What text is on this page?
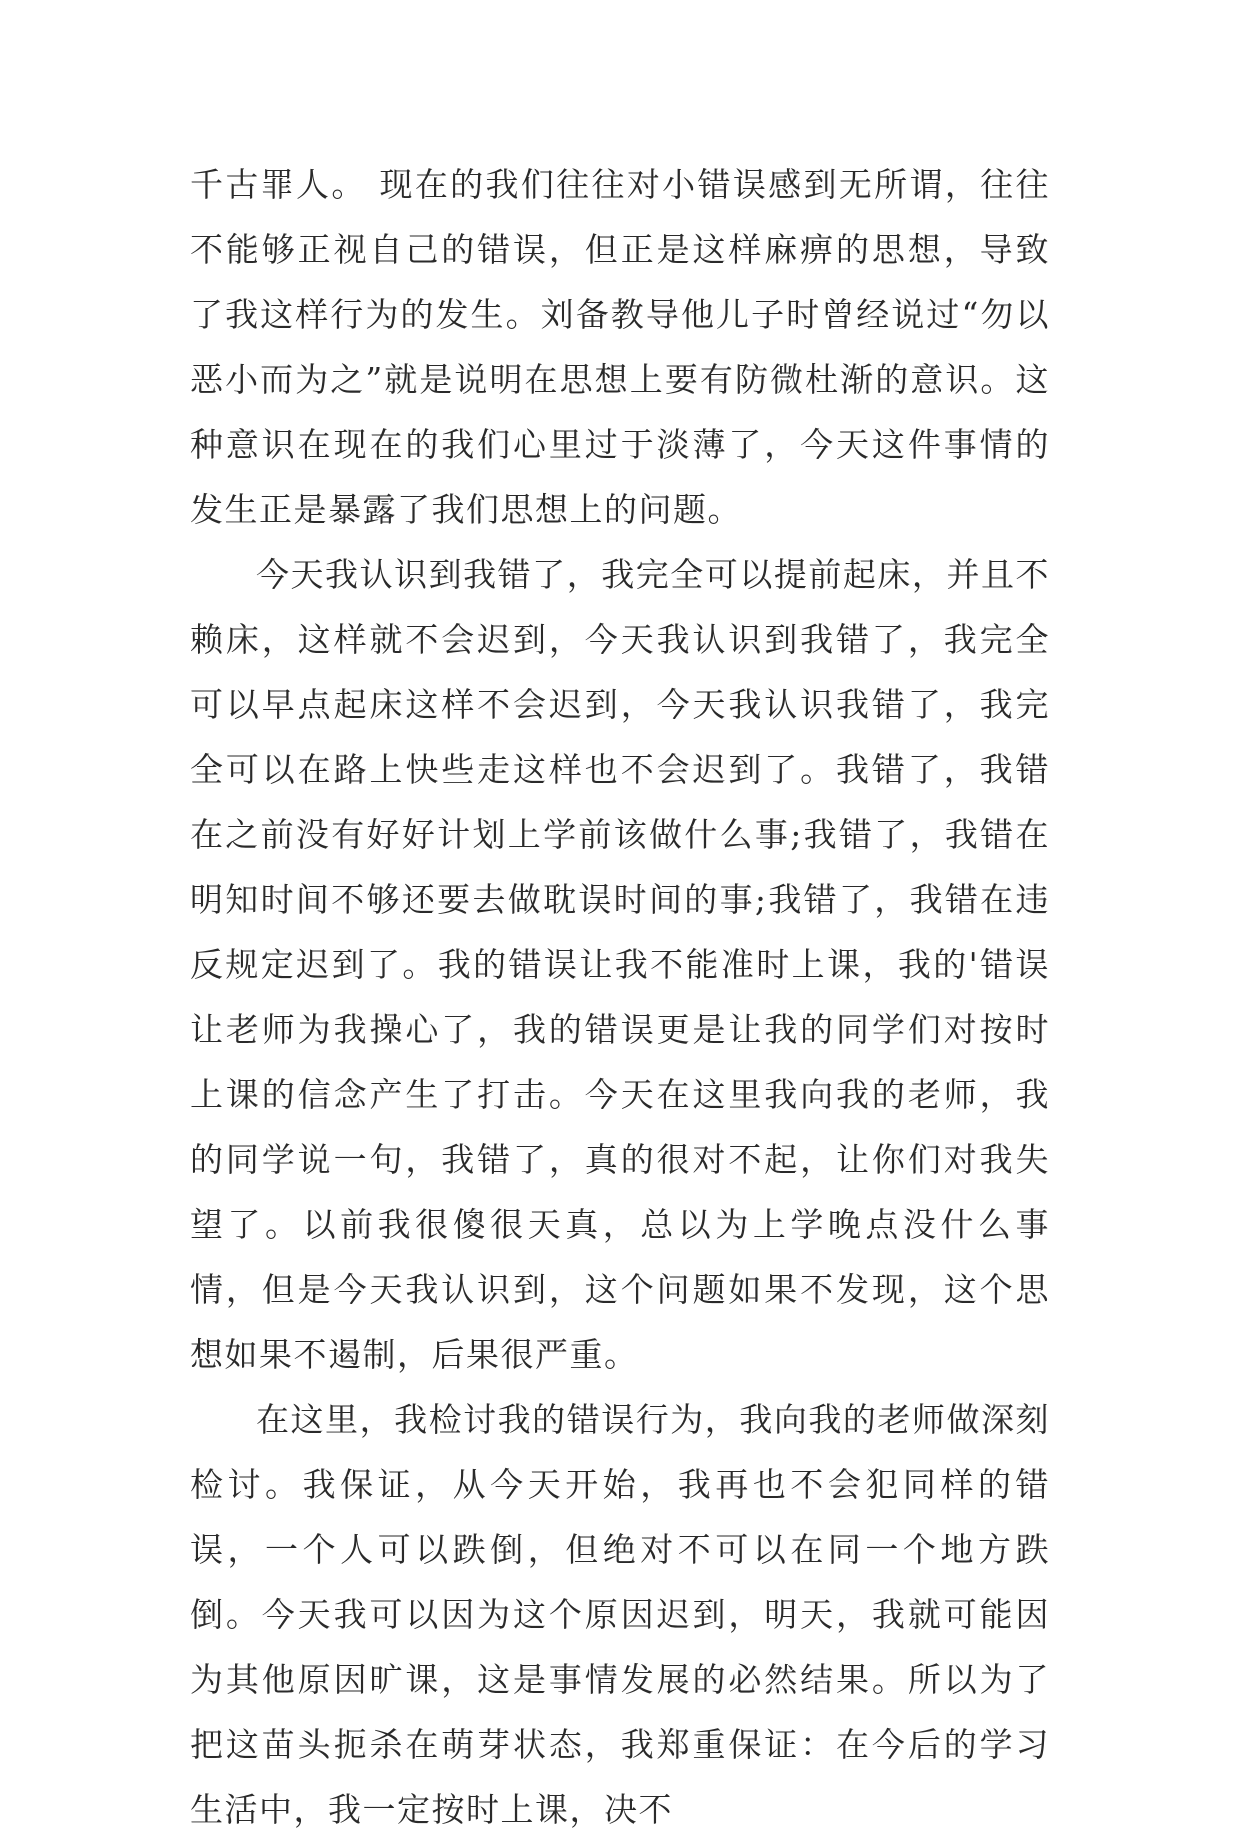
千古罪人。 现在的我们往往对小错误感到无所谓，往往不能够正视自己的错误，但正是这样麻痹的思想，导致了我这样行为的发生。刘备教导他儿子时曾经说过“勿以恶小而为之”就是说明在思想上要有防微杜渐的意识。这种意识在现在的我们心里过于淡薄了，今天这件事情的发生正是暴露了我们思想上的问题。

今天我认识到我错了，我完全可以提前起床，并且不赖床，这样就不会迟到，今天我认识到我错了，我完全可以早点起床这样不会迟到，今天我认识我错了，我完全可以在路上快些走这样也不会迟到了。我错了，我错在之前没有好好计划上学前该做什么事;我错了，我错在明知时间不够还要去做耽误时间的事;我错了，我错在违反规定迟到了。我的错误让我不能准时上课，我的'错误让老师为我操心了，我的错误更是让我的同学们对按时上课的信念产生了打击。今天在这里我向我的老师，我的同学说一句，我错了，真的很对不起，让你们对我失望了。以前我很傻很天真，总以为上学晚点没什么事情，但是今天我认识到，这个问题如果不发现，这个思想如果不遏制，后果很严重。

在这里，我检讨我的错误行为，我向我的老师做深刻检讨。我保证，从今天开始，我再也不会犯同样的错误，一个人可以跌倒，但绝对不可以在同一个地方跌倒。今天我可以因为这个原因迟到，明天，我就可能因为其他原因旷课，这是事情发展的必然结果。所以为了把这苗头扼杀在萌芽状态，我郑重保证：在今后的学习生活中，我一定按时上课，决不
